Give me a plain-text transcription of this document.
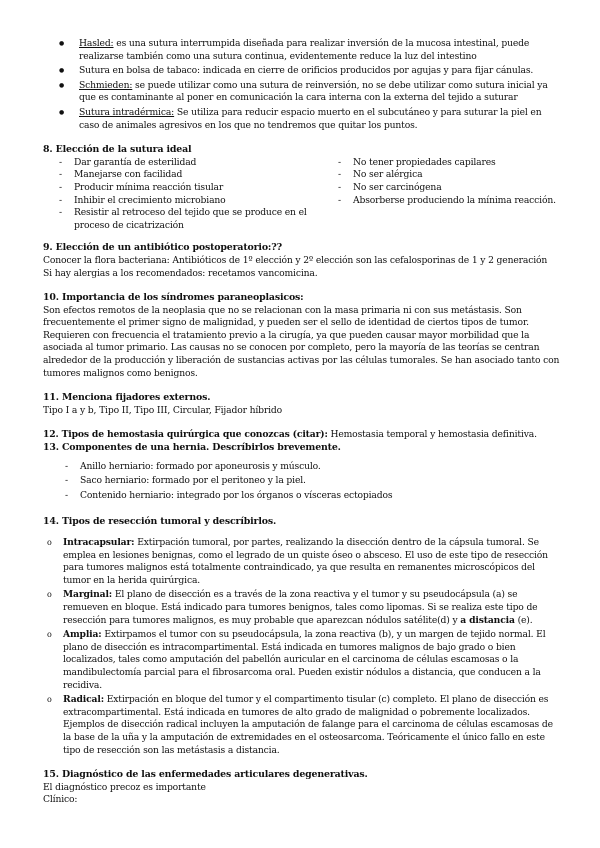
● Hasled: es una sutura interrumpida diseñada para realizar inversión de la mucosa intestinal, puede realizarse también como una sutura continua, evidentemente reduce la luz del intestino
● Sutura en bolsa de tabaco: indicada en cierre de orificios producidos por agujas y para fijar cánulas.
● Schmieden: se puede utilizar como una sutura de reinversión, no se debe utilizar como sutura inicial ya que es contaminante al poner en comunicación la cara interna con la externa del tejido a suturar
● Sutura intradérmica: Se utiliza para reducir espacio muerto en el subcutáneo y para suturar la piel en caso de animales agresivos en los que no tendremos que quitar los puntos.
8. Elección de la sutura ideal
- Dar garantía de esterilidad
- Manejarse con facilidad
- Producir mínima reacción tisular
- Inhibir el crecimiento microbiano
- Resistir al retroceso del tejido que se produce en el proceso de cicatrización
- No tener propiedades capilares
- No ser alérgica
- No ser carcinógena
- Absorberse produciendo la mínima reacción.
9. Elección de un antibiótico postoperatorio:??

Conocer la flora bacteriana: Antibióticos de 1º elección y 2º elección son las cefalosporinas de 1 y 2 generación

Si hay alergias a los recomendados: recetamos vancomicina.

10. Importancia de los síndromes paraneoplasicos:

Son efectos remotos de la neoplasia que no se relacionan con la masa primaria ni con sus metástasis. Son frecuentemente el primer signo de malignidad, y pueden ser el sello de identidad de ciertos tipos de tumor. Requieren con frecuencia el tratamiento previo a la cirugía, ya que pueden causar mayor morbilidad que la asociada al tumor primario. Las causas no se conocen por completo, pero la mayoría de las teorías se centran alrededor de la producción y liberación de sustancias activas por las células tumorales. Se han asociado tanto con tumores malignos como benignos.

11. Menciona fijadores externos.

Tipo I a y b, Tipo II, Tipo III, Circular, Fijador híbrido

12. Tipos de hemostasia quirúrgica que conozcas (citar): Hemostasia temporal y hemostasia definitiva.

13. Componentes de una hernia. Descríbirlos brevemente.
- Anillo herniario: formado por aponeurosis y músculo.
- Saco herniario: formado por el peritoneo y la piel.
- Contenido herniario: integrado por los órganos o vísceras ectopiados
14. Tipos de resección tumoral y descríbirlos.
o Intracapsular: Extirpación tumoral, por partes, realizando la disección dentro de la cápsula tumoral. Se emplea en lesiones benignas, como el legrado de un quiste óseo o absceso. El uso de este tipo de resección para tumores malignos está totalmente contraindicado, ya que resulta en remanentes microscópicos del tumor en la herida quirúrgica.
o Marginal: El plano de disección es a través de la zona reactiva y el tumor y su pseudocápsula (a) se remueven en bloque. Está indicado para tumores benignos, tales como lipomas. Si se realiza este tipo de resección para tumores malignos, es muy probable que aparezcan nódulos satélite(d) y a distancia (e).
o Amplia: Extirpamos el tumor con su pseudocápsula, la zona reactiva (b), y un margen de tejido normal. El plano de disección es intracompartimental. Está indicada en tumores malignos de bajo grado o bien localizados, tales como amputación del pabellón auricular en el carcinoma de células escamosas o la mandibulectomía parcial para el fibrosarcoma oral. Pueden existir nódulos a distancia, que conducen a la recidiva.
o Radical: Extirpación en bloque del tumor y el compartimento tisular (c) completo. El plano de disección es extracompartimental. Está indicada en tumores de alto grado de malignidad o pobremente localizados. Ejemplos de disección radical incluyen la amputación de falange para el carcinoma de células escamosas de la base de la uña y la amputación de extremidades en el osteosarcoma. Teóricamente el único fallo en este tipo de resección son las metástasis a distancia.
15. Diagnóstico de las enfermedades articulares degenerativas.

El diagnóstico precoz es importante

Clínico:
